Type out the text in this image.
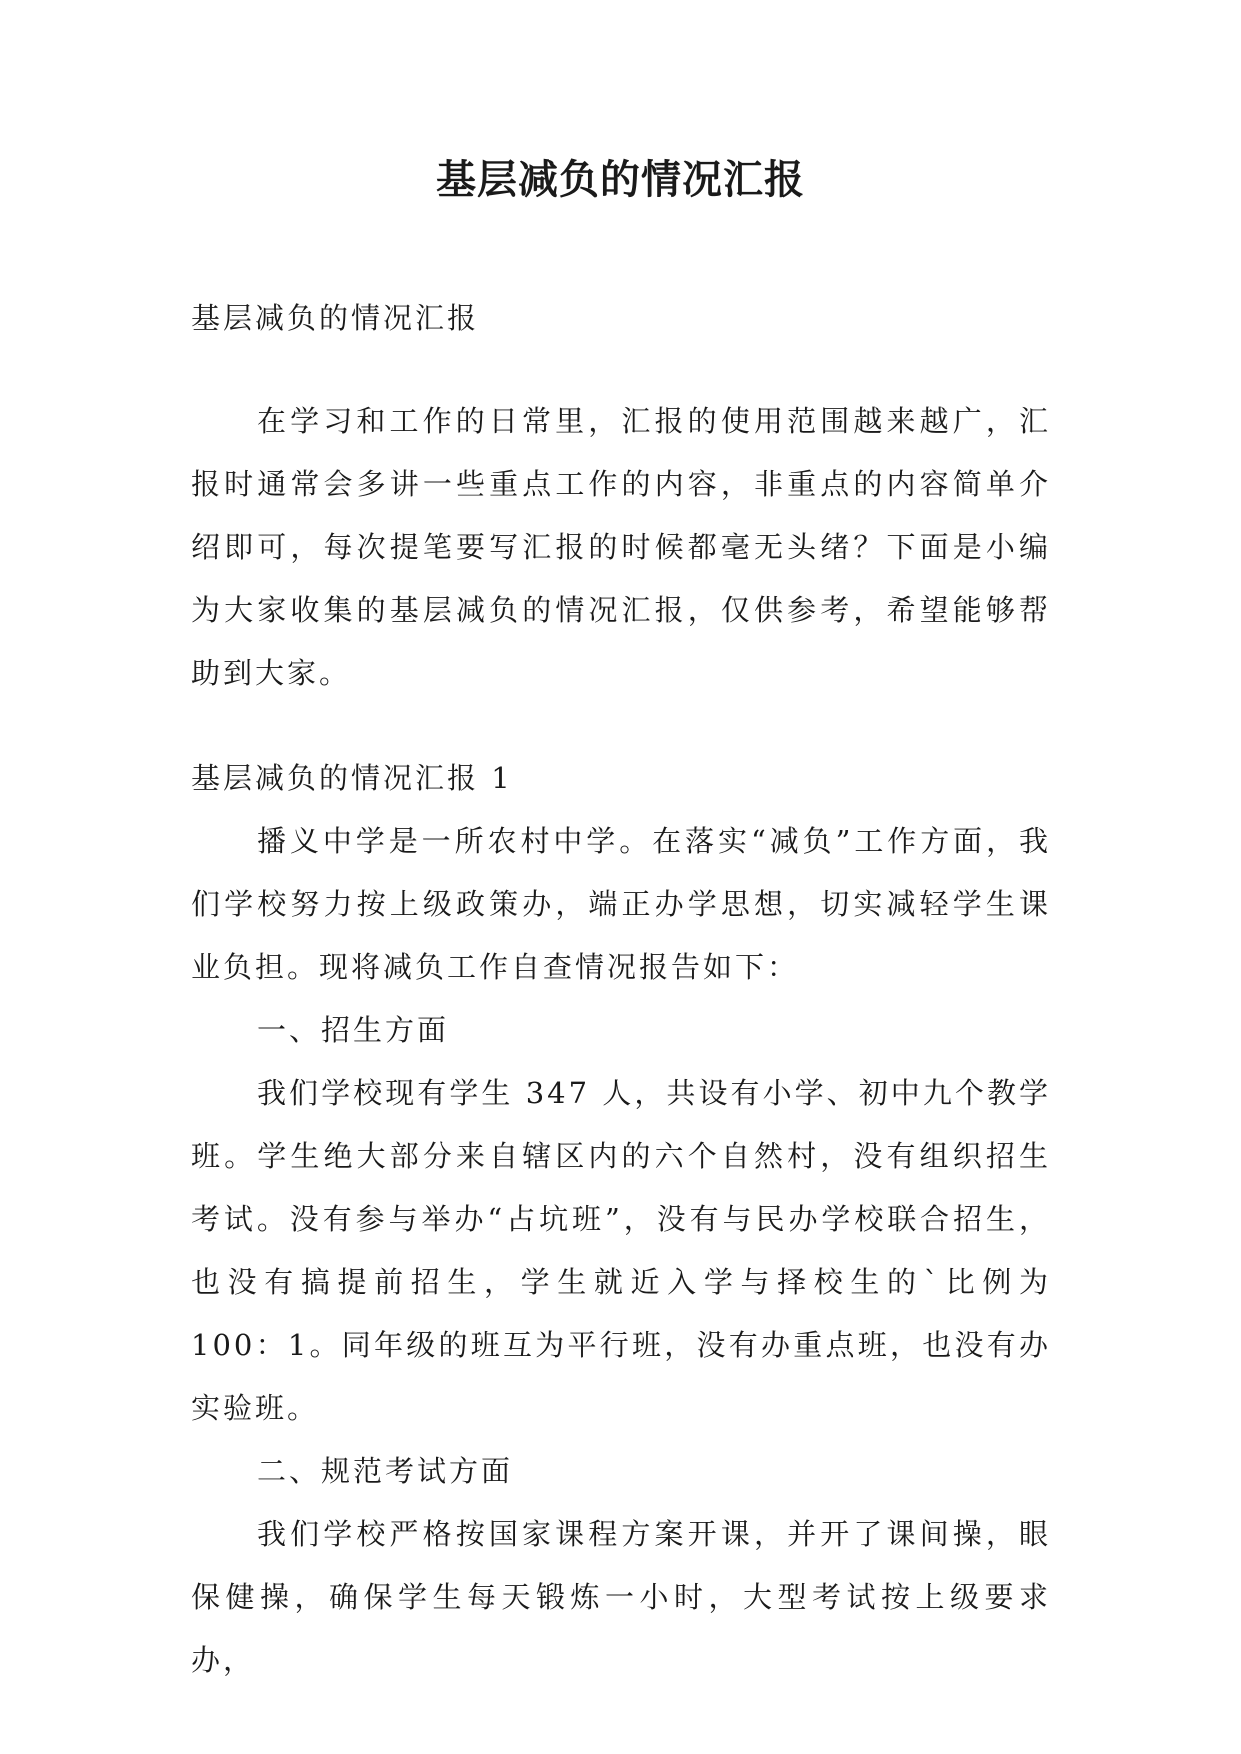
基层减负的情况汇报

基层减负的情况汇报

在学习和工作的日常里，汇报的使用范围越来越广，汇报时通常会多讲一些重点工作的内容，非重点的内容简单介绍即可，每次提笔要写汇报的时候都毫无头绪？下面是小编为大家收集的基层减负的情况汇报，仅供参考，希望能够帮助到大家。

基层减负的情况汇报 1

播义中学是一所农村中学。在落实“减负”工作方面，我们学校努力按上级政策办，端正办学思想，切实减轻学生课业负担。现将减负工作自查情况报告如下：

一、招生方面

我们学校现有学生 347 人，共设有小学、初中九个教学班。学生绝大部分来自辖区内的六个自然村，没有组织招生考试。没有参与举办“占坑班”，没有与民办学校联合招生，也没有搞提前招生，学生就近入学与择校生的`比例为 100：1。同年级的班互为平行班，没有办重点班，也没有办实验班。

二、规范考试方面

我们学校严格按国家课程方案开课，并开了课间操，眼保健操，确保学生每天锻炼一小时，大型考试按上级要求办，
